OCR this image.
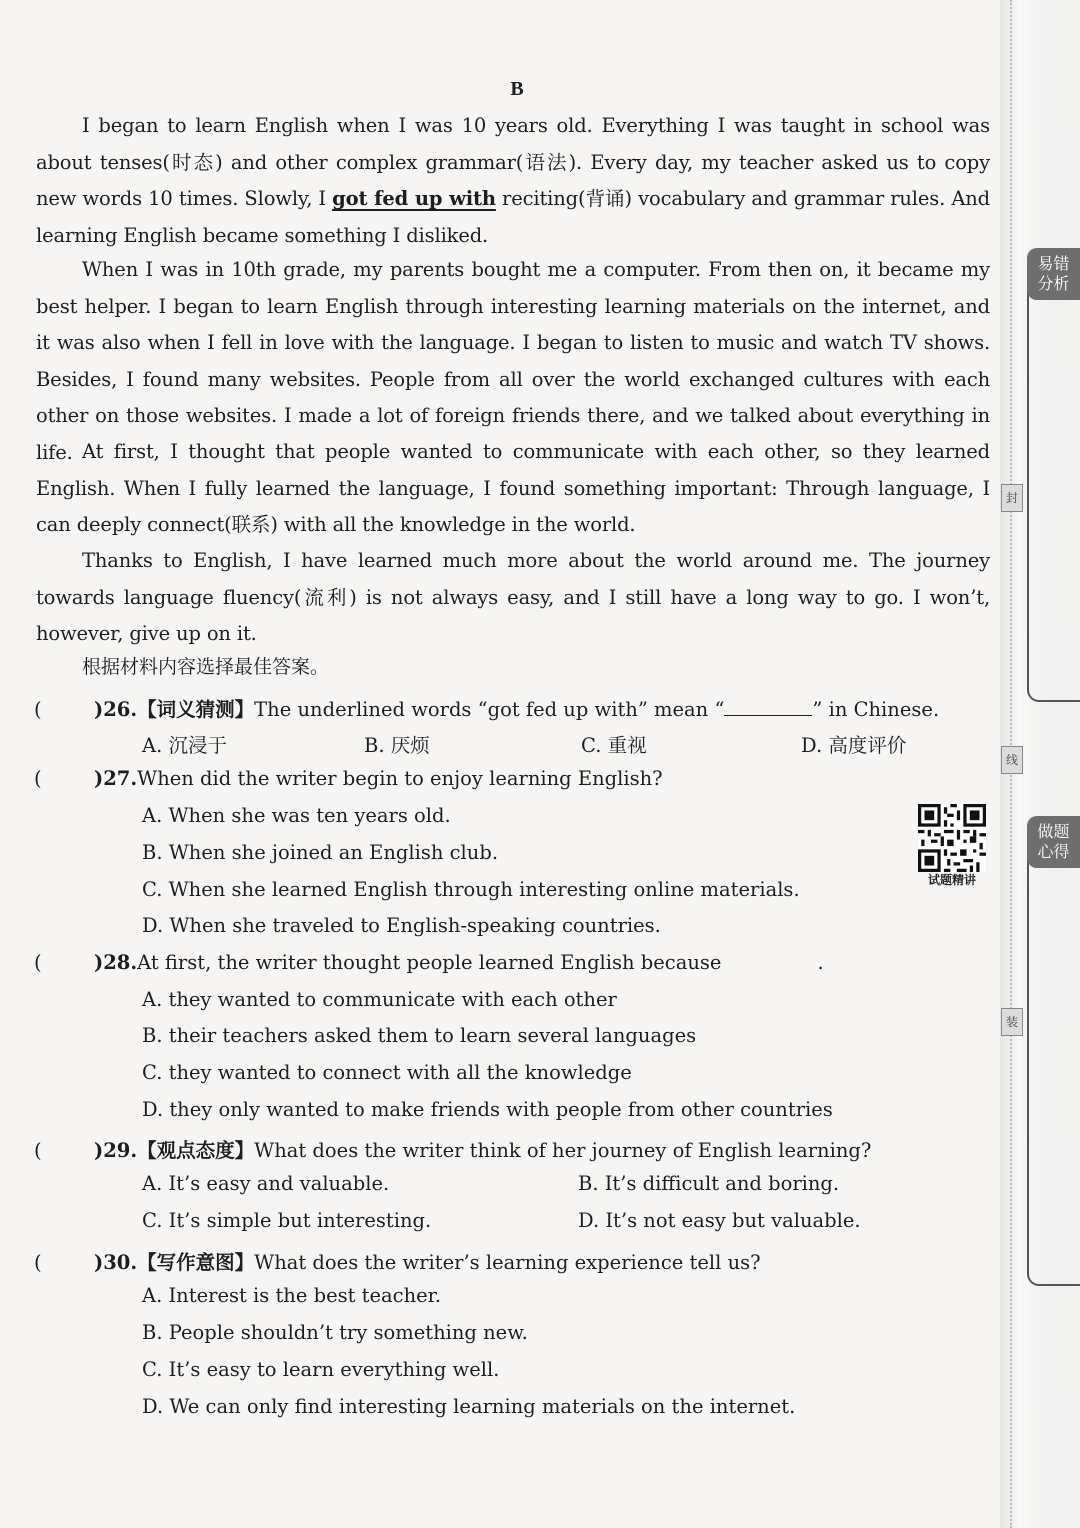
B

I began to learn English when I was 10 years old. Everything I was taught in school was about tenses(时态) and other complex grammar(语法). Every day, my teacher asked us to copy new words 10 times. Slowly, I got fed up with reciting(背诵) vocabulary and grammar rules. And learning English became something I disliked.

When I was in 10th grade, my parents bought me a computer. From then on, it became my best helper. I began to learn English through interesting learning materials on the internet, and it was also when I fell in love with the language. I began to listen to music and watch TV shows. Besides, I found many websites. People from all over the world exchanged cultures with each other on those websites. I made a lot of foreign friends there, and we talked about everything in life. At first, I thought that people wanted to communicate with each other, so they learned English. When I fully learned the language, I found something important: Through language, I can deeply connect(联系) with all the knowledge in the world.

Thanks to English, I have learned much more about the world around me. The journey towards language fluency(流利) is not always easy, and I still have a long way to go. I won’t, however, give up on it.

根据材料内容选择最佳答案。
(	)26.【词义猜测】The underlined words “got fed up with” mean “	” in Chinese.
A. 沉浸于	B. 厌烦	C. 重视	D. 高度评价
(	)27.When did the writer begin to enjoy learning English?
A. When she was ten years old.
B. When she joined an English club.
C. When she learned English through interesting online materials.
D. When she traveled to English-speaking countries.
试题精讲
(	)28.At first, the writer thought people learned English because	.
A. they wanted to communicate with each other
B. their teachers asked them to learn several languages
C. they wanted to connect with all the knowledge
D. they only wanted to make friends with people from other countries
(	)29.【观点态度】What does the writer think of her journey of English learning?
A. It’s easy and valuable.	B. It’s difficult and boring.
C. It’s simple but interesting.	D. It’s not easy but valuable.
(	)30.【写作意图】What does the writer’s learning experience tell us?
A. Interest is the best teacher.
B. People shouldn’t try something new.
C. It’s easy to learn everything well.
D. We can only find interesting learning materials on the internet.
易错
分析
做题
心得
封
线
装
